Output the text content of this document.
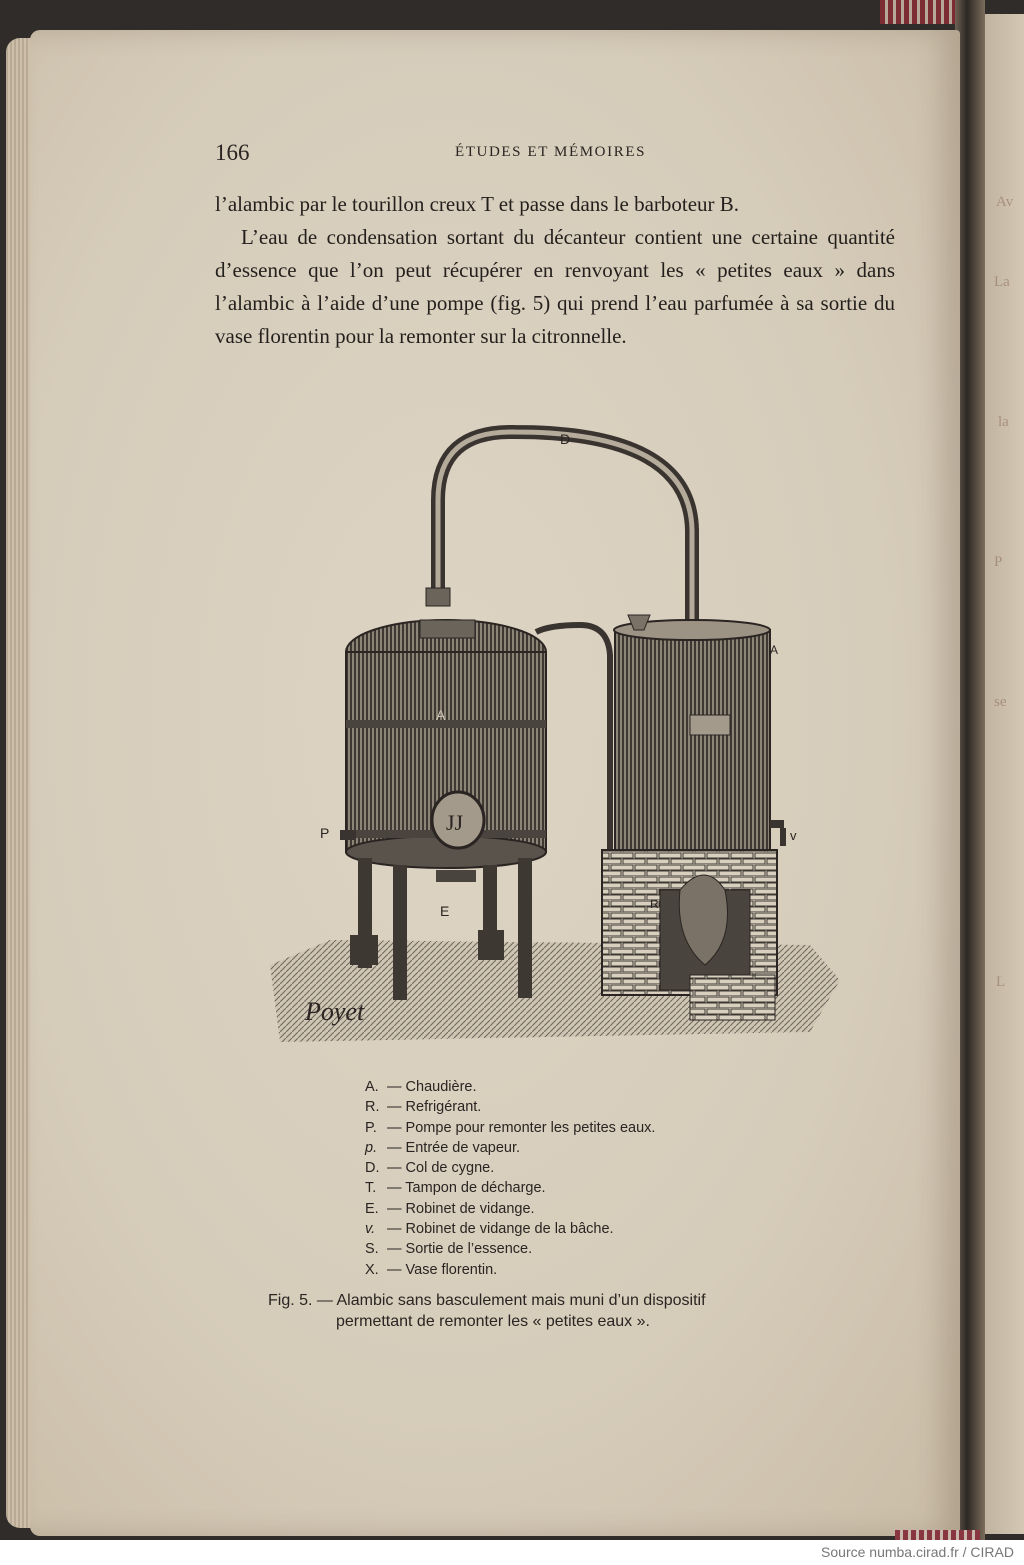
Av
La
la
P
se
L
166	ÉTUDES ET MÉMOIRES

l’alambic par le tourillon creux T et passe dans le barboteur B.

L’eau de condensation sortant du décanteur contient une certaine quantité d’essence que l’on peut récupérer en renvoyant les « petites eaux » dans l’alambic à l’aide d’une pompe (fig. 5) qui prend l’eau parfumée à sa sortie du vase florentin pour la remonter sur la citronnelle.

JJ
D
A
P
E	R
v
A
Poyet
A. — Chaudière.
R. — Refrigérant.
P. — Pompe pour remonter les petites eaux.
p. — Entrée de vapeur.
D. — Col de cygne.
T. — Tampon de décharge.
E. — Robinet de vidange.
v. — Robinet de vidange de la bâche.
S. — Sortie de l’essence.
X. — Vase florentin.
Fig. 5. — Alambic sans basculement mais muni d’un dispositif
permettant de remonter les « petites eaux ».
Source numba.cirad.fr / CIRAD
